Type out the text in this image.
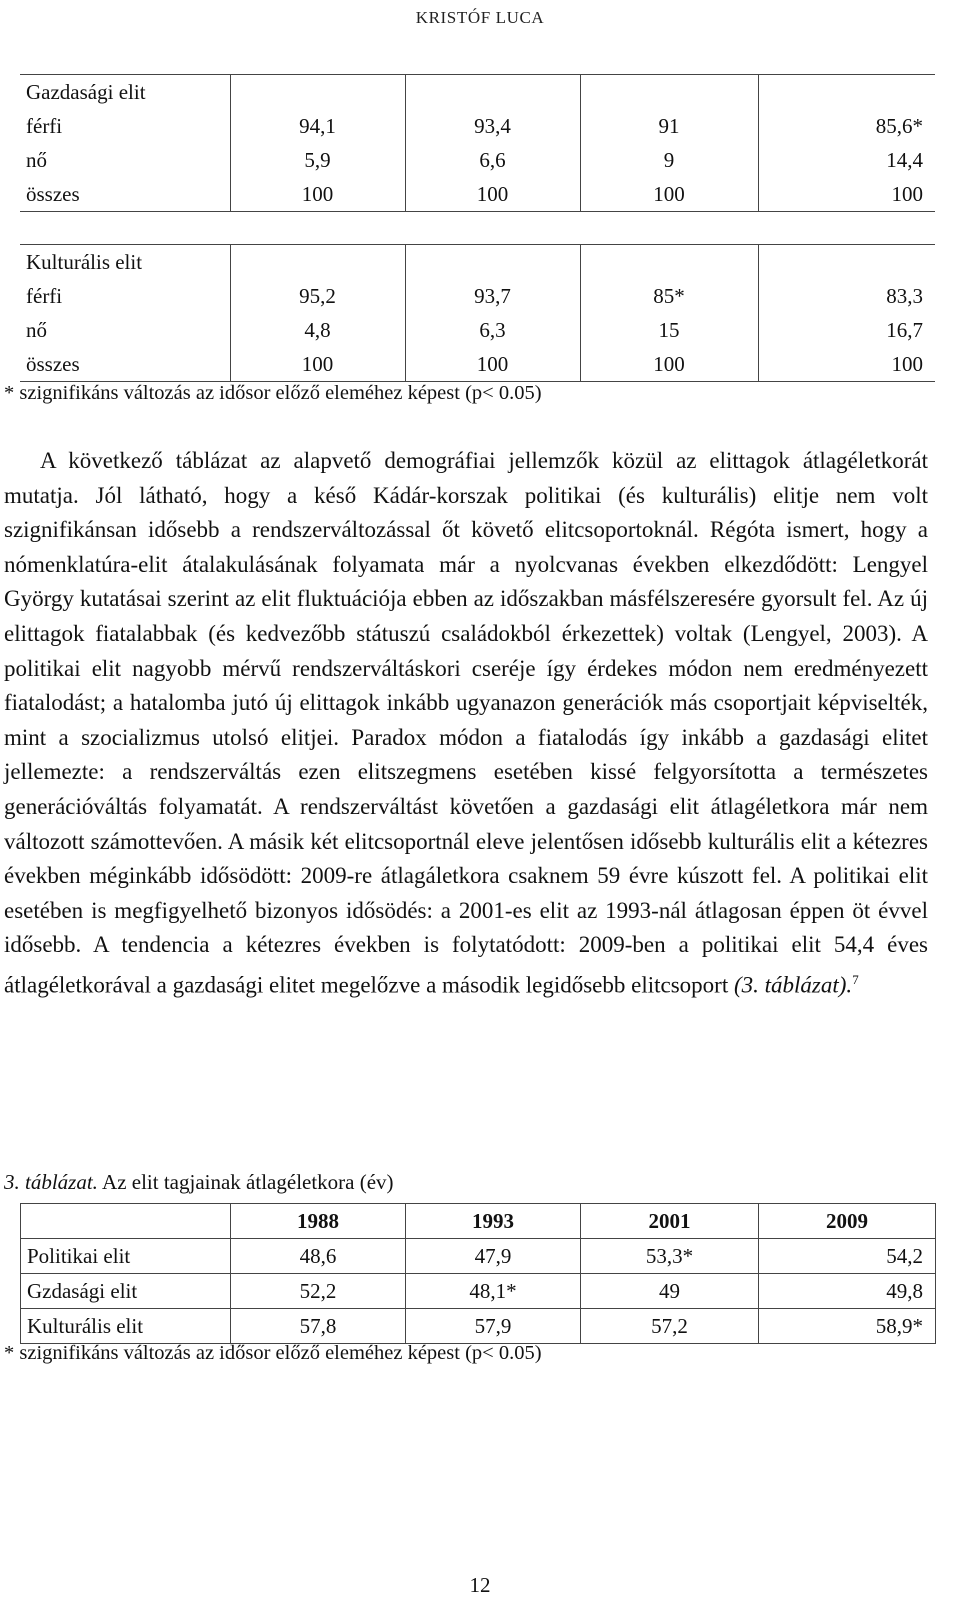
KRISTÓF LUCA
Gazdasági elit				
férfi	94,1	93,4	91	85,6*
nő	5,9	6,6	9	14,4
összes	100	100	100	100
Kulturális elit				
férfi	95,2	93,7	85*	83,3
nő	4,8	6,3	15	16,7
összes	100	100	100	100
* szignifikáns változás az idősor előző eleméhez képest (p< 0.05)

A következő táblázat az alapvető demográfiai jellemzők közül az elittagok átlagéletkorát mutatja. Jól látható, hogy a késő Kádár-korszak politikai (és kulturális) elitje nem volt szignifikánsan idősebb a rendszerváltozással őt követő elitcsoportoknál. Régóta ismert, hogy a nómenklatúra-elit átalakulásának folyamata már a nyolcvanas években elkezdődött: Lengyel György kutatásai szerint az elit fluktuációja ebben az időszakban másfélszeresére gyorsult fel. Az új elittagok fiatalabbak (és kedvezőbb státuszú családokból érkezettek) voltak (Lengyel, 2003). A politikai elit nagyobb mérvű rendszerváltáskori cseréje így érdekes módon nem eredményezett fiatalodást; a hatalomba jutó új elittagok inkább ugyanazon generációk más csoportjait képviselték, mint a szocializmus utolsó elitjei. Paradox módon a fiatalodás így inkább a gazdasági elitet jellemezte: a rendszerváltás ezen elitszegmens esetében kissé felgyorsította a természetes generációváltás folyamatát. A rendszerváltást követően a gazdasági elit átlagéletkora már nem változott számottevően. A másik két elitcsoportnál eleve jelentősen idősebb kulturális elit a kétezres években méginkább idősödött: 2009-re átlagáletkora csaknem 59 évre kúszott fel. A politikai elit esetében is megfigyelhető bizonyos idősödés: a 2001-es elit az 1993-nál átlagosan éppen öt évvel idősebb. A tendencia a kétezres években is folytatódott: 2009-ben a politikai elit 54,4 éves átlagéletkorával a gazdasági elitet megelőzve a második legidősebb elitcsoport (3. táblázat).$^7$

3. táblázat. Az elit tagjainak átlagéletkora (év)
	1988	1993	2001	2009
Politikai elit	48,6	47,9	53,3*	54,2
Gzdasági elit	52,2	48,1*	49	49,8
Kulturális elit	57,8	57,9	57,2	58,9*
* szignifikáns változás az idősor előző eleméhez képest (p< 0.05)
12
